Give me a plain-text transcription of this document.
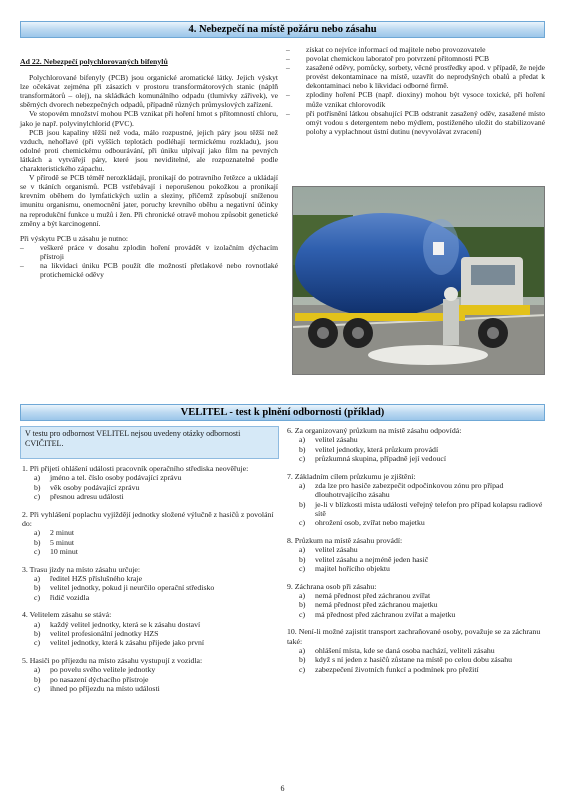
4. Nebezpečí na místě požáru nebo zásahu
Ad 22. Nebezpečí polychlorovaných bifenylů
Polychlorované bifenyly (PCB) jsou organické aromatické látky. Jejich výskyt lze očekávat zejména při zásazích v prostoru transformátorových stanic (náplň transformátorů – olej), na skládkách komunálního odpadu (tlumivky zářivek), ve sběrných dvorech nebezpečných odpadů, případně různých průmyslových zařízení.
Ve stopovém množství mohou PCB vznikat při hoření hmot s přítomností chloru, jako je např. polyvinylchlorid (PVC).
PCB jsou kapaliny těžší než voda, málo rozpustné, jejich páry jsou těžší než vzduch, nehořlavé (při vyšších teplotách podléhají termickému rozkladu), jsou odolné proti chemickému odbourávání, při úniku ulpívají jako film na pevných látkách a vytvářejí páry, které jsou neviditelné, ale rozpoznatelné podle charakteristického zápachu.
V přírodě se PCB téměř nerozkládají, pronikají do potravního řetězce a ukládají se v tkáních organismů. PCB vstřebávají i neporušenou pokožkou a pronikají krevním oběhem do lymfatických uzlin a sleziny, přičemž způsobují sníženou imunitu organismu, onemocnění jater, poruchy krevního oběhu a negativní účinky na reprodukční funkce u mužů i žen. Při chronické otravě mohou způsobit genetické změny a být karcinogenní.
Při výskytu PCB u zásahu je nutno:
– veškeré práce v dosahu zplodin hoření provádět v izolačním dýchacím přístroji
– na likvidaci úniku PCB použít dle možností přetlakové nebo rovnotlaké protichemické oděvy
– získat co nejvíce informací od majitele nebo provozovatele
– povolat chemickou laboratoř pro potvrzení přítomnosti PCB
– zasažené oděvy, pomůcky, sorbety, věcné prostředky apod. v případě, že nejde provést dekontaminace na místě, uzavřít do neprodyšných obalů a předat k dekontaminaci nebo k likvidaci odborné firmě.
– zplodiny hoření PCB (např. dioxiny) mohou být vysoce toxické, při hoření může vznikat chlorovodík
– při potřísnění látkou obsahující PCB odstranit zasažený oděv, zasažené místo omýt vodou s detergentem nebo mýdlem, postiženého uložit do stabilizované polohy a vyplachnout ústní dutinu (nevyvolávat zvracení)
VELITEL - test k plnění odbornosti (příklad)
V testu pro odbornost VELITEL nejsou uvedeny otázky odbornosti CVIČITEL.
1. Při přijetí ohlášení události pracovník operačního střediska neověřuje:
a) jméno a tel. číslo osoby podávající zprávu
b) věk osoby podávající zprávu
c) přesnou adresu události
2. Při vyhlášení poplachu vyjíždějí jednotky složené výlučně z hasičů z povolání do:
a) 2 minut
b) 5 minut
c) 10 minut
3. Trasu jízdy na místo zásahu určuje:
a) ředitel HZS příslušného kraje
b) velitel jednotky, pokud ji neurčilo operační středisko
c) řidič vozidla
4. Velitelem zásahu se stává:
a) každý velitel jednotky, která se k zásahu dostaví
b) velitel profesionální jednotky HZS
c) velitel jednotky, která k zásahu přijede jako první
5. Hasiči po příjezdu na místo zásahu vystupují z vozidla:
a) po povelu svého velitele jednotky
b) po nasazení dýchacího přístroje
c) ihned po příjezdu na místo události
6. Za organizovaný průzkum na místě zásahu odpovídá:
a) velitel zásahu
b) velitel jednotky, která průzkum provádí
c) průzkumná skupina, případně její vedoucí
7. Základním cílem průzkumu je zjištění:
a) zda lze pro hasiče zabezpečit odpočinkovou zónu pro případ dlouhotrvajícího zásahu
b) je-li v blízkosti místa události veřejný telefon pro případ kolapsu radiové sítě
c) ohrožení osob, zvířat nebo majetku
8. Průzkum na místě zásahu provádí:
a) velitel zásahu
b) velitel zásahu a nejméně jeden hasič
c) majitel hořícího objektu
9. Záchrana osob při zásahu:
a) nemá přednost před záchranou zvířat
b) nemá přednost před záchranou majetku
c) má přednost před záchranou zvířat a majetku
10. Není-li možné zajistit transport zachraňované osoby, považuje se za záchranu také:
a) ohlášení místa, kde se daná osoba nachází, veliteli zásahu
b) když s ní jeden z hasičů zůstane na místě po celou dobu zásahu
c) zabezpečení životních funkcí a podmínek pro přežití
6
